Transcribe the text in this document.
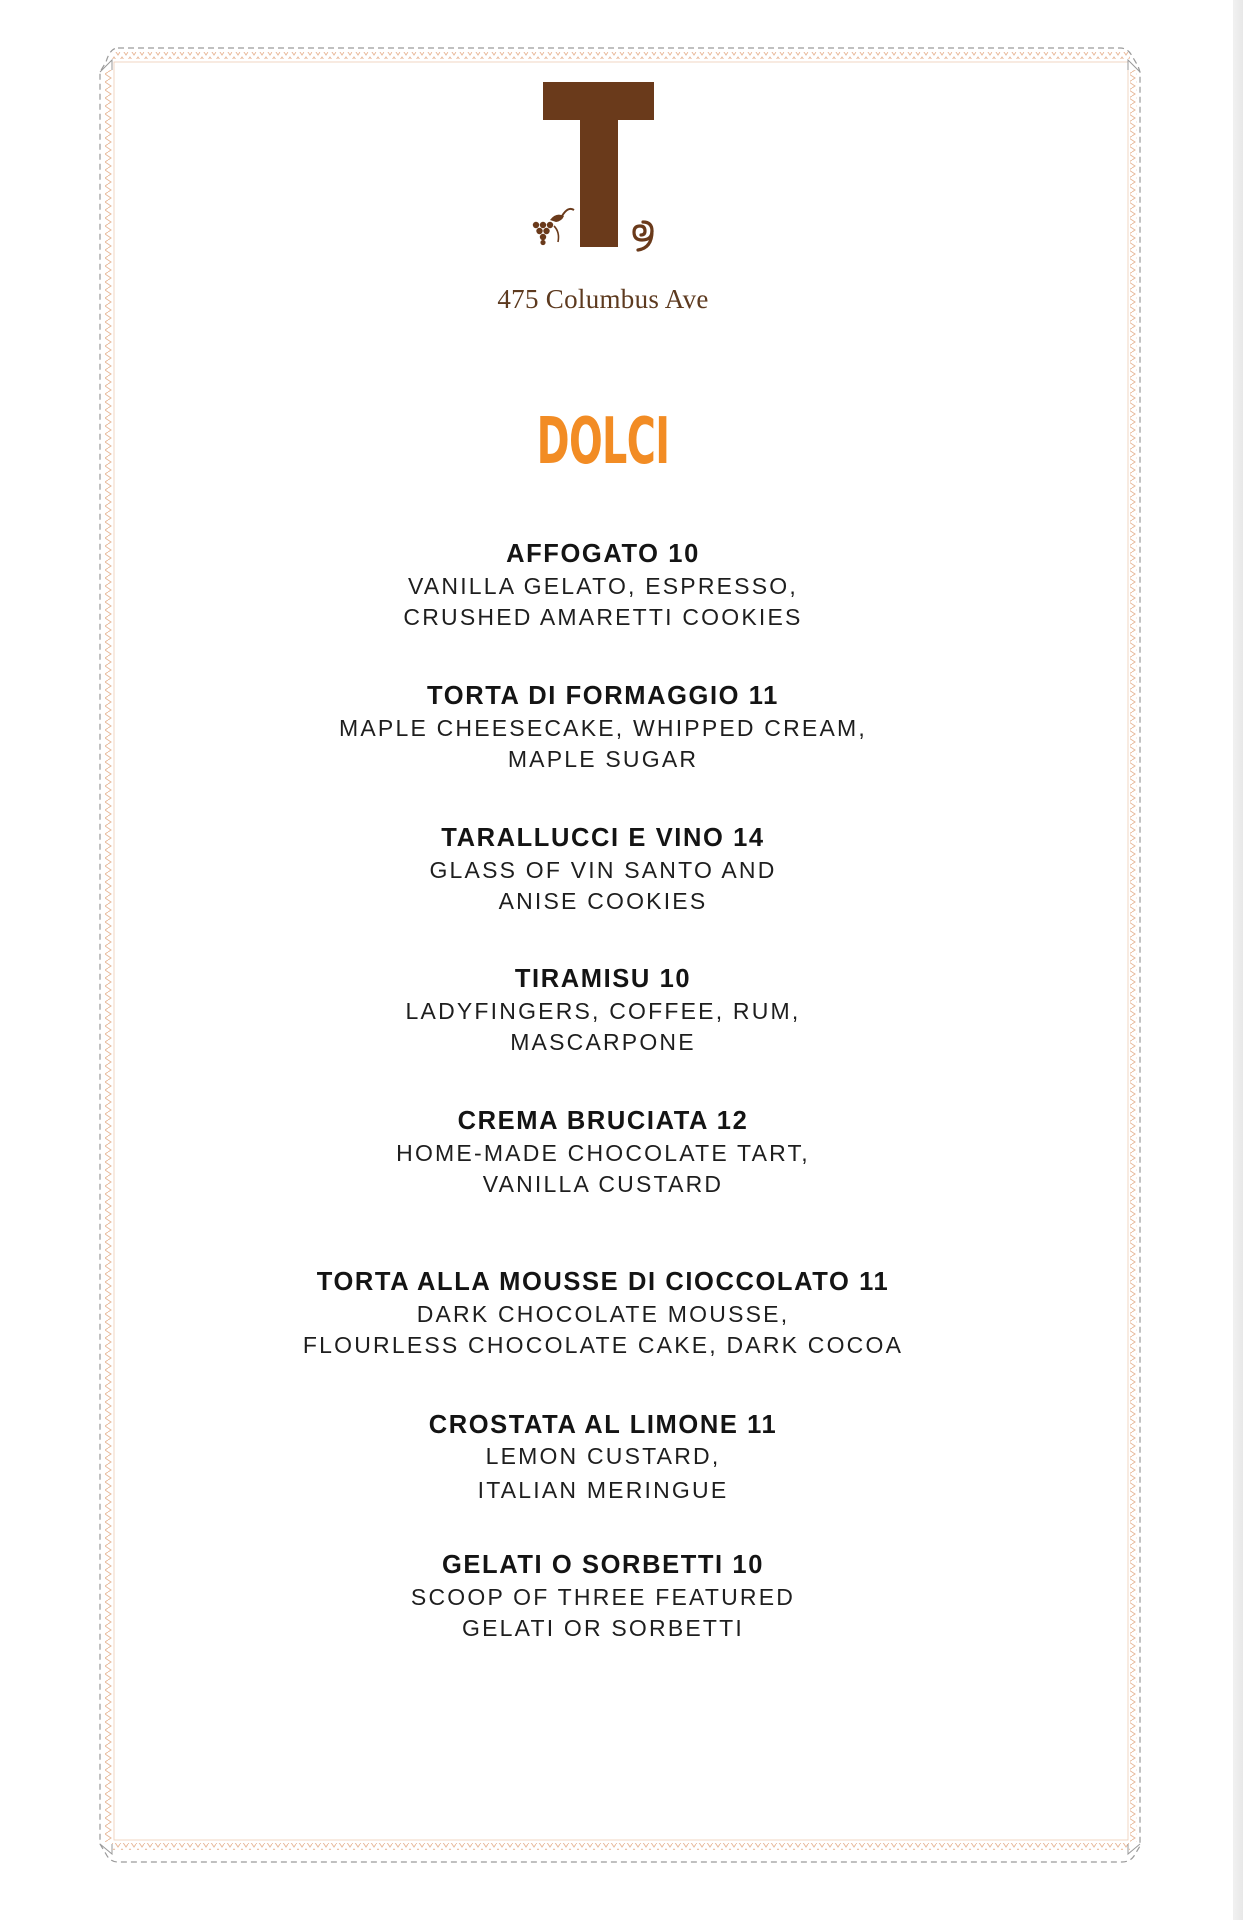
475 Columbus Ave
DOLCI
AFFOGATO 10
VANILLA GELATO, ESPRESSO,
CRUSHED AMARETTI COOKIES
TORTA DI FORMAGGIO 11
MAPLE CHEESECAKE, WHIPPED CREAM,
MAPLE SUGAR
TARALLUCCI E VINO 14
GLASS OF VIN SANTO AND
ANISE COOKIES
TIRAMISU 10
LADYFINGERS, COFFEE, RUM,
MASCARPONE
CREMA BRUCIATA 12
HOME-MADE CHOCOLATE TART,
VANILLA CUSTARD
TORTA ALLA MOUSSE DI CIOCCOLATO 11
DARK CHOCOLATE MOUSSE,
FLOURLESS CHOCOLATE CAKE, DARK COCOA
CROSTATA AL LIMONE 11
LEMON CUSTARD,
ITALIAN MERINGUE
GELATI O SORBETTI 10
SCOOP OF THREE FEATURED
GELATI OR SORBETTI
